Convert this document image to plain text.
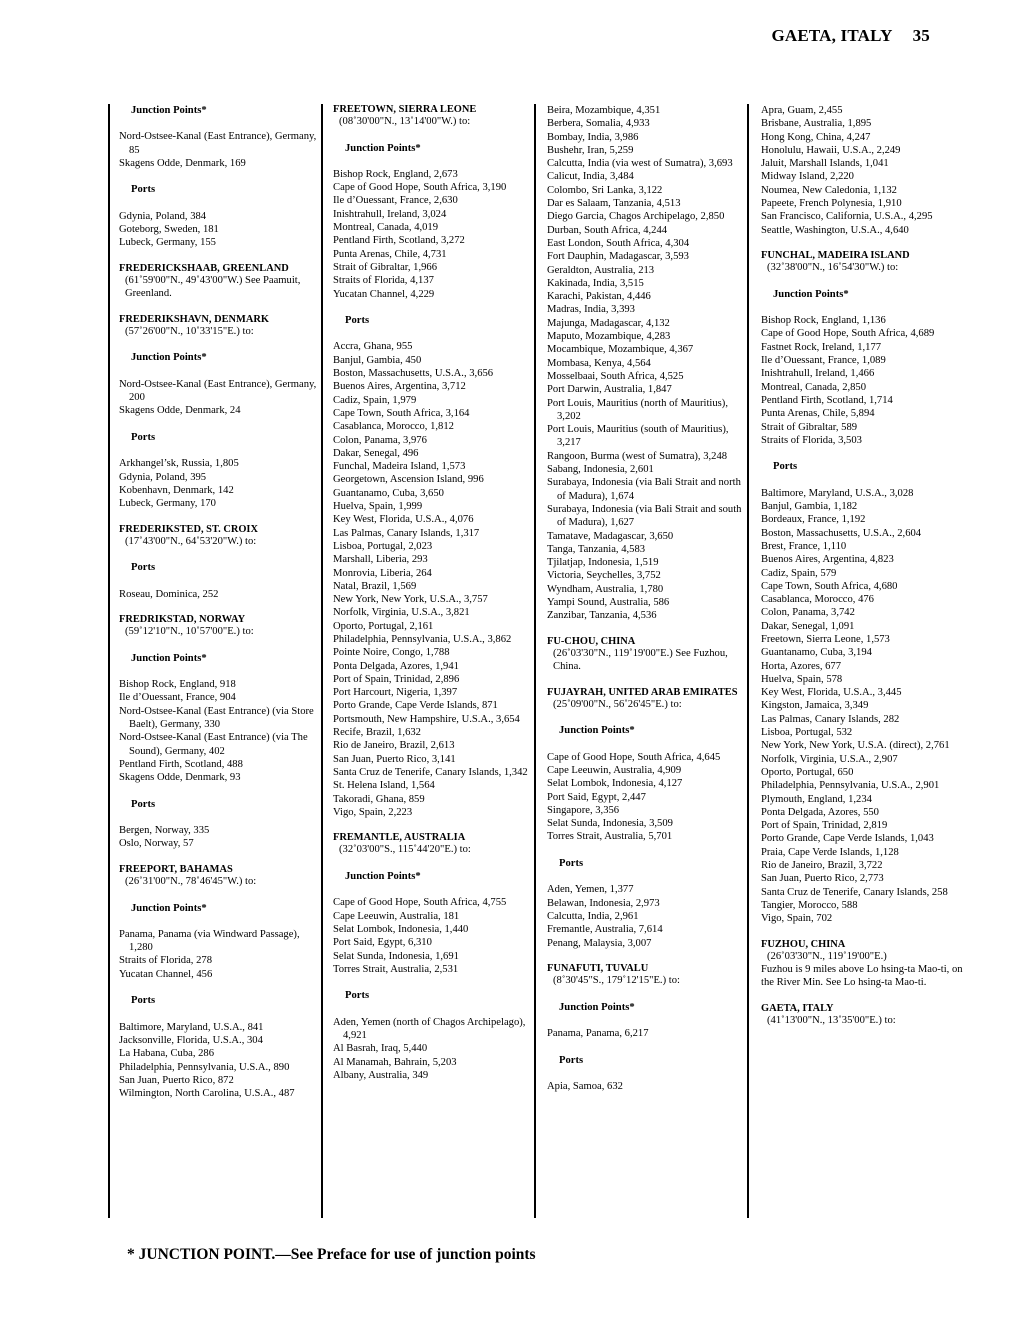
GAETA, ITALY 35
Junction Points*
Nord-Ostsee-Kanal (East Entrance), Germany, 85
Skagens Odde, Denmark, 169
Ports
Gdynia, Poland, 384
Goteborg, Sweden, 181
Lubeck, Germany, 155
FREDERICKSHAAB, GREENLAND
(61˚59'00"N., 49˚43'00"W.) See Paamuit, Greenland.
FREDERIKSHAVN, DENMARK
(57˚26'00"N., 10˚33'15"E.) to:
Junction Points*
Nord-Ostsee-Kanal (East Entrance), Germany, 200
Skagens Odde, Denmark, 24
Ports
Arkhangel’sk, Russia, 1,805
Gdynia, Poland, 395
Kobenhavn, Denmark, 142
Lubeck, Germany, 170
FREDERIKSTED, ST. CROIX
(17˚43'00"N., 64˚53'20"W.) to:
Ports
Roseau, Dominica, 252
FREDRIKSTAD, NORWAY
(59˚12'10"N., 10˚57'00"E.) to:
Junction Points*
Bishop Rock, England, 918
Ile d’Ouessant, France, 904
Nord-Ostsee-Kanal (East Entrance) (via Store Baelt), Germany, 330
Nord-Ostsee-Kanal (East Entrance) (via The Sound), Germany, 402
Pentland Firth, Scotland, 488
Skagens Odde, Denmark, 93
Ports
Bergen, Norway, 335
Oslo, Norway, 57
FREEPORT, BAHAMAS
(26˚31'00"N., 78˚46'45"W.) to:
Junction Points*
Panama, Panama (via Windward Passage), 1,280
Straits of Florida, 278
Yucatan Channel, 456
Ports
Baltimore, Maryland, U.S.A., 841
Jacksonville, Florida, U.S.A., 304
La Habana, Cuba, 286
Philadelphia, Pennsylvania, U.S.A., 890
San Juan, Puerto Rico, 872
Wilmington, North Carolina, U.S.A., 487
FREETOWN, SIERRA LEONE
(08˚30'00"N., 13˚14'00"W.) to:
Junction Points*
Bishop Rock, England, 2,673
Cape of Good Hope, South Africa, 3,190
Ile d’Ouessant, France, 2,630
Inishtrahull, Ireland, 3,024
Montreal, Canada, 4,019
Pentland Firth, Scotland, 3,272
Punta Arenas, Chile, 4,731
Strait of Gibraltar, 1,966
Straits of Florida, 4,137
Yucatan Channel, 4,229
Ports
Accra, Ghana, 955
Banjul, Gambia, 450
Boston, Massachusetts, U.S.A., 3,656
Buenos Aires, Argentina, 3,712
Cadiz, Spain, 1,979
Cape Town, South Africa, 3,164
Casablanca, Morocco, 1,812
Colon, Panama, 3,976
Dakar, Senegal, 496
Funchal, Madeira Island, 1,573
Georgetown, Ascension Island, 996
Guantanamo, Cuba, 3,650
Huelva, Spain, 1,999
Key West, Florida, U.S.A., 4,076
Las Palmas, Canary Islands, 1,317
Lisboa, Portugal, 2,023
Marshall, Liberia, 293
Monrovia, Liberia, 264
Natal, Brazil, 1,569
New York, New York, U.S.A., 3,757
Norfolk, Virginia, U.S.A., 3,821
Oporto, Portugal, 2,161
Philadelphia, Pennsylvania, U.S.A., 3,862
Pointe Noire, Congo, 1,788
Ponta Delgada, Azores, 1,941
Port of Spain, Trinidad, 2,896
Port Harcourt, Nigeria, 1,397
Porto Grande, Cape Verde Islands, 871
Portsmouth, New Hampshire, U.S.A., 3,654
Recife, Brazil, 1,632
Rio de Janeiro, Brazil, 2,613
San Juan, Puerto Rico, 3,141
Santa Cruz de Tenerife, Canary Islands, 1,342
St. Helena Island, 1,564
Takoradi, Ghana, 859
Vigo, Spain, 2,223
FREMANTLE, AUSTRALIA
(32˚03'00"S., 115˚44'20"E.) to:
Junction Points*
Cape of Good Hope, South Africa, 4,755
Cape Leeuwin, Australia, 181
Selat Lombok, Indonesia, 1,440
Port Said, Egypt, 6,310
Selat Sunda, Indonesia, 1,691
Torres Strait, Australia, 2,531
Ports
Aden, Yemen (north of Chagos Archipelago), 4,921
Al Basrah, Iraq, 5,440
Al Manamah, Bahrain, 5,203
Albany, Australia, 349
Beira, Mozambique, 4,351
Berbera, Somalia, 4,933
Bombay, India, 3,986
Bushehr, Iran, 5,259
Calcutta, India (via west of Sumatra), 3,693
Calicut, India, 3,484
Colombo, Sri Lanka, 3,122
Dar es Salaam, Tanzania, 4,513
Diego Garcia, Chagos Archipelago, 2,850
Durban, South Africa, 4,244
East London, South Africa, 4,304
Fort Dauphin, Madagascar, 3,593
Geraldton, Australia, 213
Kakinada, India, 3,515
Karachi, Pakistan, 4,446
Madras, India, 3,393
Majunga, Madagascar, 4,132
Maputo, Mozambique, 4,283
Mocambique, Mozambique, 4,367
Mombasa, Kenya, 4,564
Mosselbaai, South Africa, 4,525
Port Darwin, Australia, 1,847
Port Louis, Mauritius (north of Mauritius), 3,202
Port Louis, Mauritius (south of Mauritius), 3,217
Rangoon, Burma (west of Sumatra), 3,248
Sabang, Indonesia, 2,601
Surabaya, Indonesia (via Bali Strait and north of Madura), 1,674
Surabaya, Indonesia (via Bali Strait and south of Madura), 1,627
Tamatave, Madagascar, 3,650
Tanga, Tanzania, 4,583
Tjilatjap, Indonesia, 1,519
Victoria, Seychelles, 3,752
Wyndham, Australia, 1,780
Yampi Sound, Australia, 586
Zanzibar, Tanzania, 4,536
FU-CHOU, CHINA
(26˚03'30"N., 119˚19'00"E.) See Fuzhou, China.
FUJAYRAH, UNITED ARAB EMIRATES
(25˚09'00"N., 56˚26'45"E.) to:
Junction Points*
Cape of Good Hope, South Africa, 4,645
Cape Leeuwin, Australia, 4,909
Selat Lombok, Indonesia, 4,127
Port Said, Egypt, 2,447
Singapore, 3,356
Selat Sunda, Indonesia, 3,509
Torres Strait, Australia, 5,701
Ports
Aden, Yemen, 1,377
Belawan, Indonesia, 2,973
Calcutta, India, 2,961
Fremantle, Australia, 7,614
Penang, Malaysia, 3,007
FUNAFUTI, TUVALU
(8˚30'45"S., 179˚12'15"E.) to:
Junction Points*
Panama, Panama, 6,217
Ports
Apia, Samoa, 632
Apra, Guam, 2,455
Brisbane, Australia, 1,895
Hong Kong, China, 4,247
Honolulu, Hawaii, U.S.A., 2,249
Jaluit, Marshall Islands, 1,041
Midway Island, 2,220
Noumea, New Caledonia, 1,132
Papeete, French Polynesia, 1,910
San Francisco, California, U.S.A., 4,295
Seattle, Washington, U.S.A., 4,640
FUNCHAL, MADEIRA ISLAND
(32˚38'00"N., 16˚54'30"W.) to:
Junction Points*
Bishop Rock, England, 1,136
Cape of Good Hope, South Africa, 4,689
Fastnet Rock, Ireland, 1,177
Ile d’Ouessant, France, 1,089
Inishtrahull, Ireland, 1,466
Montreal, Canada, 2,850
Pentland Firth, Scotland, 1,714
Punta Arenas, Chile, 5,894
Strait of Gibraltar, 589
Straits of Florida, 3,503
Ports
Baltimore, Maryland, U.S.A., 3,028
Banjul, Gambia, 1,182
Bordeaux, France, 1,192
Boston, Massachusetts, U.S.A., 2,604
Brest, France, 1,110
Buenos Aires, Argentina, 4,823
Cadiz, Spain, 579
Cape Town, South Africa, 4,680
Casablanca, Morocco, 476
Colon, Panama, 3,742
Dakar, Senegal, 1,091
Freetown, Sierra Leone, 1,573
Guantanamo, Cuba, 3,194
Horta, Azores, 677
Huelva, Spain, 578
Key West, Florida, U.S.A., 3,445
Kingston, Jamaica, 3,349
Las Palmas, Canary Islands, 282
Lisboa, Portugal, 532
New York, New York, U.S.A. (direct), 2,761
Norfolk, Virginia, U.S.A., 2,907
Oporto, Portugal, 650
Philadelphia, Pennsylvania, U.S.A., 2,901
Plymouth, England, 1,234
Ponta Delgada, Azores, 550
Port of Spain, Trinidad, 2,819
Porto Grande, Cape Verde Islands, 1,043
Praia, Cape Verde Islands, 1,128
Rio de Janeiro, Brazil, 3,722
San Juan, Puerto Rico, 2,773
Santa Cruz de Tenerife, Canary Islands, 258
Tangier, Morocco, 588
Vigo, Spain, 702
FUZHOU, CHINA
(26˚03'30"N., 119˚19'00"E.)
Fuzhou is 9 miles above Lo hsing-ta Mao-ti, on the River Min. See Lo hsing-ta Mao-ti.
GAETA, ITALY
(41˚13'00"N., 13˚35'00"E.) to:
* JUNCTION POINT.—See Preface for use of junction points
